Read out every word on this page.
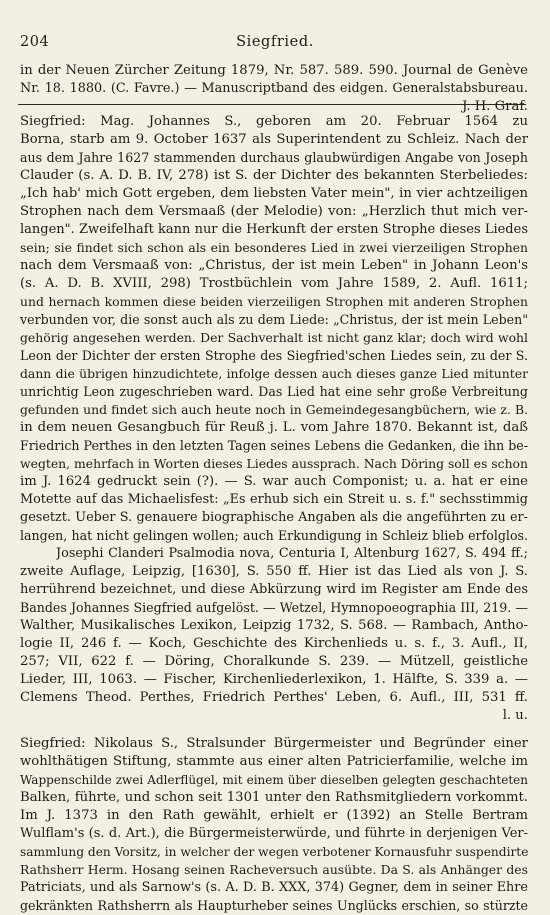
204	Siegfried.
in der Neuen Zürcher Zeitung 1879, Nr. 587. 589. 590. Journal de Genève
Nr. 18. 1880. (C. Favre.) — Manuscriptband des eidgen. Generalstabsbureau.
J. H. Graf.
Siegfried: Mag. Johannes S., geboren am 20. Februar 1564 zu
Borna, starb am 9. October 1637 als Superintendent zu Schleiz. Nach der
aus dem Jahre 1627 stammenden durchaus glaubwürdigen Angabe von Joseph
Clauder (s. A. D. B. IV, 278) ist S. der Dichter des bekannten Sterbeliedes:
„Ich hab' mich Gott ergeben, dem liebsten Vater mein", in vier achtzeiligen
Strophen nach dem Versmaaß (der Melodie) von: „Herzlich thut mich ver-
langen". Zweifelhaft kann nur die Herkunft der ersten Strophe dieses Liedes
sein; sie findet sich schon als ein besonderes Lied in zwei vierzeiligen Strophen
nach dem Versmaaß von: „Christus, der ist mein Leben" in Johann Leon's
(s. A. D. B. XVIII, 298) Trostbüchlein vom Jahre 1589, 2. Aufl. 1611;
und hernach kommen diese beiden vierzeiligen Strophen mit anderen Strophen
verbunden vor, die sonst auch als zu dem Liede: „Christus, der ist mein Leben"
gehörig angesehen werden. Der Sachverhalt ist nicht ganz klar; doch wird wohl
Leon der Dichter der ersten Strophe des Siegfried'schen Liedes sein, zu der S.
dann die übrigen hinzudichtete, infolge dessen auch dieses ganze Lied mitunter
unrichtig Leon zugeschrieben ward. Das Lied hat eine sehr große Verbreitung
gefunden und findet sich auch heute noch in Gemeindegesangbüchern, wie z. B.
in dem neuen Gesangbuch für Reuß j. L. vom Jahre 1870. Bekannt ist, daß
Friedrich Perthes in den letzten Tagen seines Lebens die Gedanken, die ihn be-
wegten, mehrfach in Worten dieses Liedes aussprach. Nach Döring soll es schon
im J. 1624 gedruckt sein (?). — S. war auch Componist; u. a. hat er eine
Motette auf das Michaelisfest: „Es erhub sich ein Streit u. s. f." sechsstimmig
gesetzt. Ueber S. genauere biographische Angaben als die angeführten zu er-
langen, hat nicht gelingen wollen; auch Erkundigung in Schleiz blieb erfolglos.
Josephi Clanderi Psalmodia nova, Centuria I, Altenburg 1627, S. 494 ff.;
zweite Auflage, Leipzig, [1630], S. 550 ff. Hier ist das Lied als von J. S.
herrührend bezeichnet, und diese Abkürzung wird im Register am Ende des
Bandes Johannes Siegfried aufgelöst. — Wetzel, Hymnopoeographia III, 219. —
Walther, Musikalisches Lexikon, Leipzig 1732, S. 568. — Rambach, Antho-
logie II, 246 f. — Koch, Geschichte des Kirchenlieds u. s. f., 3. Aufl., II,
257; VII, 622 f. — Döring, Choralkunde S. 239. — Mützell, geistliche
Lieder, III, 1063. — Fischer, Kirchenliederlexikon, 1. Hälfte, S. 339 a. —
Clemens Theod. Perthes, Friedrich Perthes' Leben, 6. Aufl., III, 531 ff.
l. u.
Siegfried: Nikolaus S., Stralsunder Bürgermeister und Begründer einer
wohlthätigen Stiftung, stammte aus einer alten Patricierfamilie, welche im
Wappenschilde zwei Adlerflügel, mit einem über dieselben gelegten geschachteten
Balken, führte, und schon seit 1301 unter den Rathsmitgliedern vorkommt.
Im J. 1373 in den Rath gewählt, erhielt er (1392) an Stelle Bertram
Wulflam's (s. d. Art.), die Bürgermeisterwürde, und führte in derjenigen Ver-
sammlung den Vorsitz, in welcher der wegen verbotener Kornausfuhr suspendirte
Rathsherr Herm. Hosang seinen Racheversuch ausübte. Da S. als Anhänger des
Patriciats, und als Sarnow's (s. A. D. B. XXX, 374) Gegner, dem in seiner Ehre
gekränkten Rathsherrn als Haupturheber seines Unglücks erschien, so stürzte
